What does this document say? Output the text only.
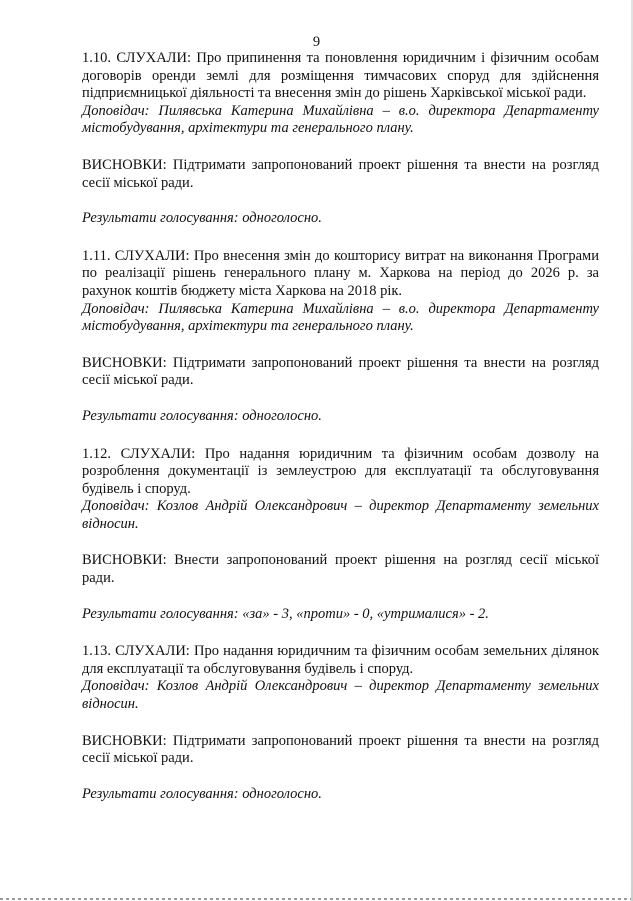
9

1.10. СЛУХАЛИ: Про припинення та поновлення юридичним і фізичним особам договорів оренди землі для розміщення тимчасових споруд для здійснення підприємницької діяльності та внесення змін до рішень Харківської міської ради.

Доповідач: Пилявська Катерина Михайлівна – в.о. директора Департаменту містобудування, архітектури та генерального плану.

ВИСНОВКИ: Підтримати запропонований проект рішення та внести на розгляд сесії міської ради.

Результати голосування: одноголосно.

1.11. СЛУХАЛИ: Про внесення змін до кошторису витрат на виконання Програми по реалізації рішень генерального плану м. Харкова на період до 2026 р. за рахунок коштів бюджету міста Харкова на 2018 рік.

Доповідач: Пилявська Катерина Михайлівна – в.о. директора Департаменту містобудування, архітектури та генерального плану.

ВИСНОВКИ: Підтримати запропонований проект рішення та внести на розгляд сесії міської ради.

Результати голосування: одноголосно.

1.12. СЛУХАЛИ: Про надання юридичним та фізичним особам дозволу на розроблення документації із землеустрою для експлуатації та обслуговування будівель і споруд.

Доповідач: Козлов Андрій Олександрович – директор Департаменту земельних відносин.

ВИСНОВКИ: Внести запропонований проект рішення на розгляд сесії міської ради.

Результати голосування: «за» - 3, «проти» - 0, «утрималися» - 2.

1.13. СЛУХАЛИ: Про надання юридичним та фізичним особам земельних ділянок для експлуатації та обслуговування будівель і споруд.

Доповідач: Козлов Андрій Олександрович – директор Департаменту земельних відносин.

ВИСНОВКИ: Підтримати запропонований проект рішення та внести на розгляд сесії міської ради.

Результати голосування: одноголосно.
